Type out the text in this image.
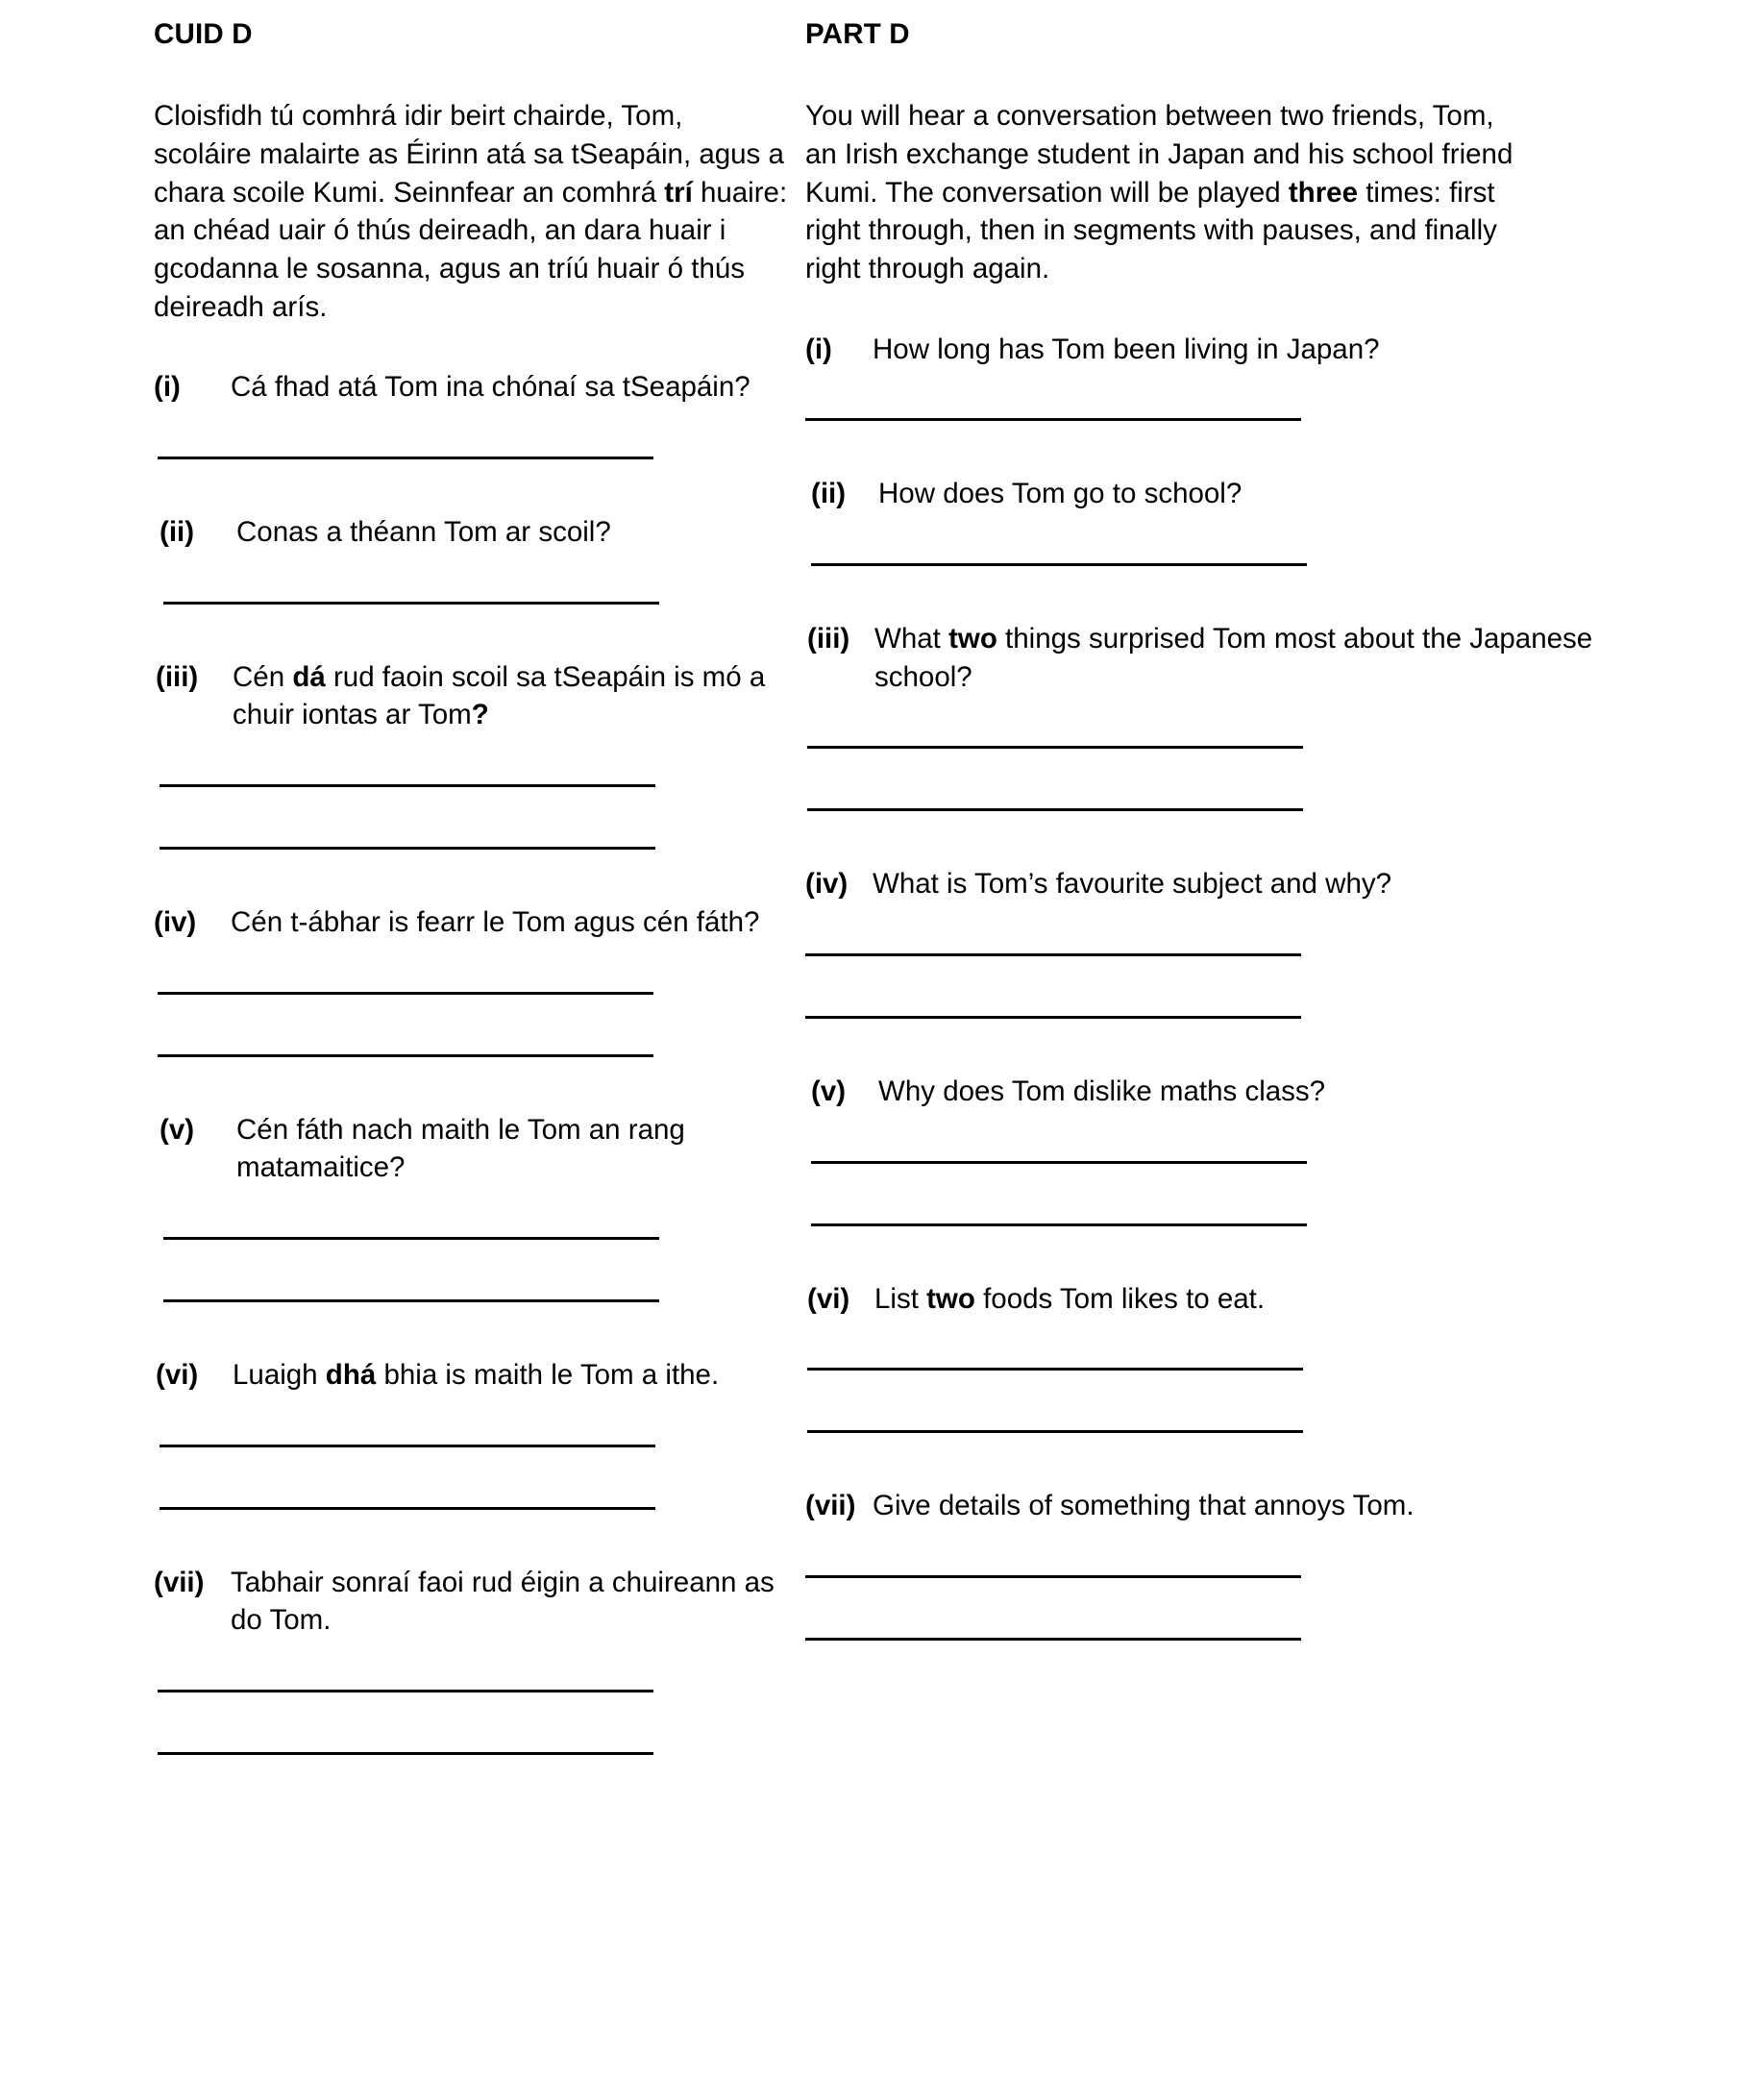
CUID D
Cloisfidh tú comhrá idir beirt chairde, Tom, scoláire malairte as Éirinn atá sa tSeapáin, agus a chara scoile Kumi. Seinnfear an comhrá trí huaire: an chéad uair ó thús deireadh, an dara huair i gcodanna le sosanna, agus an tríú huair ó thús deireadh arís.
(i)	Cá fhad atá Tom ina chónaí sa tSeapáin?
(ii)	Conas a théann Tom ar scoil?
(iii)	Cén dá rud faoin scoil sa tSeapáin is mó a chuir iontas ar Tom?
(iv)	Cén t-ábhar is fearr le Tom agus cén fáth?
(v)	Cén fáth nach maith le Tom an rang matamaitice?
(vi)	Luaigh dhá bhia is maith le Tom a ithe.
(vii) Tabhair sonraí faoi rud éigin a chuireann as do Tom.
PART D
You will hear a conversation between two friends, Tom, an Irish exchange student in Japan and his school friend Kumi. The conversation will be played three times: first right through, then in segments with pauses, and finally right through again.
(i)	How long has Tom been living in Japan?
(ii)	How does Tom go to school?
(iii) What two things surprised Tom most about the Japanese school?
(iv) What is Tom’s favourite subject and why?
(v)	Why does Tom dislike maths class?
(vi) List two foods Tom likes to eat.
(vii) Give details of something that annoys Tom.
